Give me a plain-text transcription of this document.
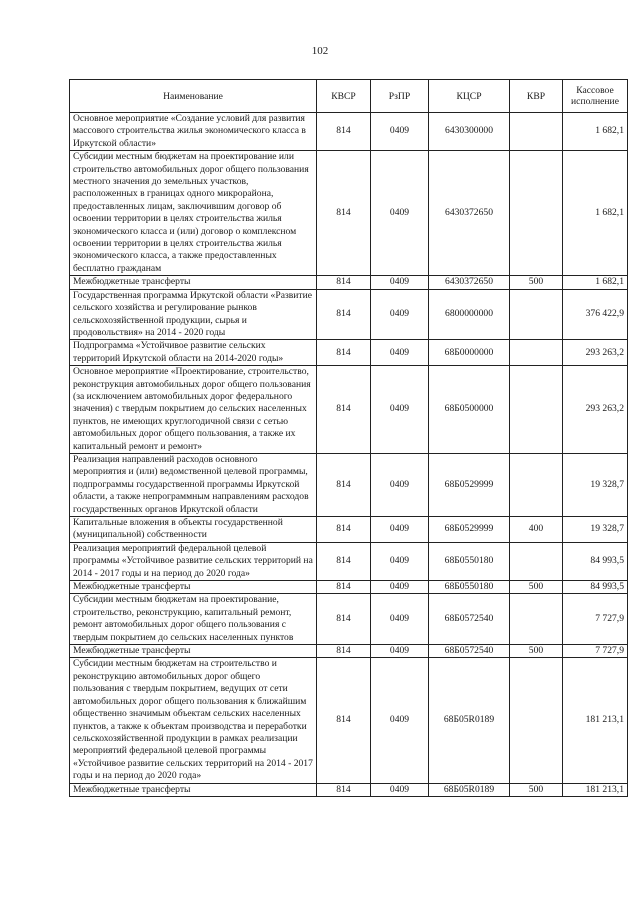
102
Наименование	КВСР	РзПР	КЦСР	КВР	Кассовое исполнение
Основное мероприятие «Создание условий для развития массового строительства жилья экономического класса в Иркутской области»	814	0409	6430300000		1 682,1
Субсидии местным бюджетам на проектирование или строительство автомобильных дорог общего пользования местного значения до земельных участков, расположенных в границах одного микрорайона, предоставленных лицам, заключившим договор об освоении территории в целях строительства жилья экономического класса и (или) договор о комплексном освоении территории в целях строительства жилья экономического класса, а также предоставленных бесплатно гражданам	814	0409	6430372650		1 682,1
Межбюджетные трансферты	814	0409	6430372650	500	1 682,1
Государственная программа Иркутской области «Развитие сельского хозяйства и регулирование рынков сельскохозяйственной продукции, сырья и продовольствия» на 2014 - 2020 годы	814	0409	6800000000		376 422,9
Подпрограмма «Устойчивое развитие сельских территорий Иркутской области на 2014-2020 годы»	814	0409	68Б0000000		293 263,2
Основное мероприятие «Проектирование, строительство, реконструкция автомобильных дорог общего пользования (за исключением автомобильных дорог федерального значения) с твердым покрытием до сельских населенных пунктов, не имеющих круглогодичной связи с сетью автомобильных дорог общего пользования, а также их капитальный ремонт и ремонт»	814	0409	68Б0500000		293 263,2
Реализация направлений расходов основного мероприятия и (или) ведомственной целевой программы, подпрограммы государственной программы Иркутской области, а также непрограммным направлениям расходов государственных органов Иркутской области	814	0409	68Б0529999		19 328,7
Капитальные вложения в объекты государственной (муниципальной) собственности	814	0409	68Б0529999	400	19 328,7
Реализация мероприятий федеральной целевой программы «Устойчивое развитие сельских территорий на 2014 - 2017 годы и на период до 2020 года»	814	0409	68Б0550180		84 993,5
Межбюджетные трансферты	814	0409	68Б0550180	500	84 993,5
Субсидии местным бюджетам на проектирование, строительство, реконструкцию, капитальный ремонт, ремонт автомобильных дорог общего пользования с твердым покрытием до сельских населенных пунктов	814	0409	68Б0572540		7 727,9
Межбюджетные трансферты	814	0409	68Б0572540	500	7 727,9
Субсидии местным бюджетам на строительство и реконструкцию автомобильных дорог общего пользования с твердым покрытием, ведущих от сети автомобильных дорог общего пользования к ближайшим общественно значимым объектам сельских населенных пунктов, а также к объектам производства и переработки сельскохозяйственной продукции в рамках реализации мероприятий федеральной целевой программы «Устойчивое развитие сельских территорий на 2014 - 2017 годы и на период до 2020 года»	814	0409	68Б05R0189		181 213,1
Межбюджетные трансферты	814	0409	68Б05R0189	500	181 213,1
